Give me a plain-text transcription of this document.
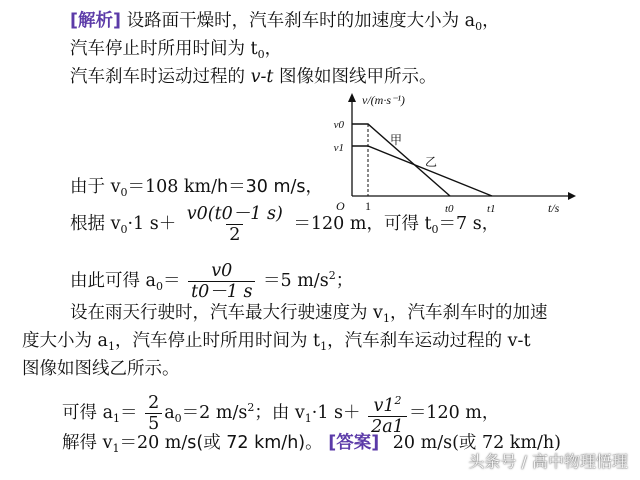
[解析] 设路面干燥时，汽车刹车时的加速度大小为 $a_0$，
汽车停止时所用时间为 $t_0$，
汽车刹车时运动过程的 v-t 图像如图线甲所示。
v/(m·s⁻¹)
v0
v1
甲
乙
O 1	t0	t1	t/s
由于 $v_0=108$ km/h＝30 m/s，
根据 $v_0\cdot 1$ $s+ \frac{v0(t0-1 s)}{2} =120$ m，可得 $t_0=7$ s，
由此可得 $a_0= \frac{v0}{t0-1 s} =5$ $m/s^2$；
设在雨天行驶时，汽车最大行驶速度为 $v_1$，汽车刹车时的加速
度大小为 $a_1$，汽车停止时所用时间为 $t_1$，汽车刹车运动过程的 v-t
图像如图线乙所示。
可得 $a_1= \frac{2}{5} a_0=2$ $m/s^2$；由 $v_1\cdot 1$ $s+ \frac{v1^2}{2a1} =120$ m，
解得 $v_1=20$ m/s(或 72 km/h)。 [答案] 20 m/s(或 72 km/h)
头条号 / 高中物理悟理
